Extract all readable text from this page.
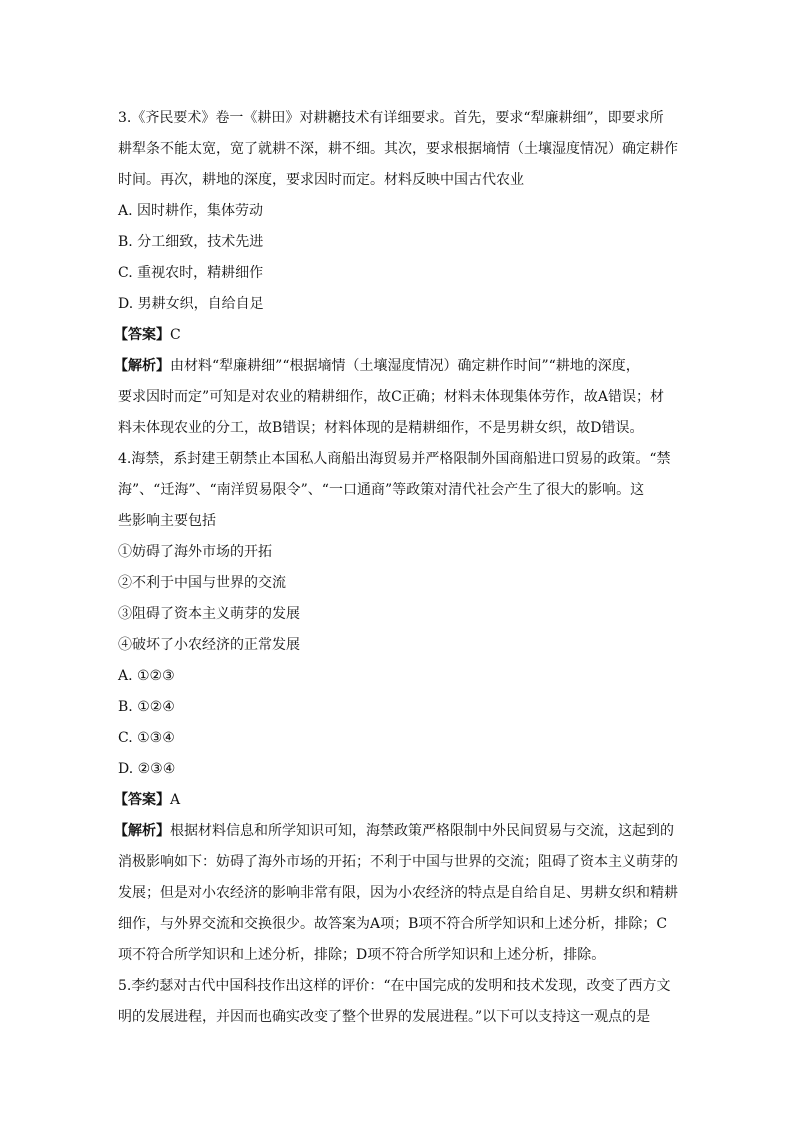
3.《齐民要术》卷一《耕田》对耕耱技术有详细要求。首先，要求“犁廉耕细”，即要求所
耕犁条不能太宽，宽了就耕不深，耕不细。其次，要求根据墒情（土壤湿度情况）确定耕作
时间。再次，耕地的深度，要求因时而定。材料反映中国古代农业
A. 因时耕作，集体劳动
B. 分工细致，技术先进
C. 重视农时，精耕细作
D. 男耕女织，自给自足
【答案】C
【解析】由材料“犁廉耕细”“根据墒情（土壤湿度情况）确定耕作时间”“耕地的深度，
要求因时而定”可知是对农业的精耕细作，故C正确；材料未体现集体劳作，故A错误；材
料未体现农业的分工，故B错误；材料体现的是精耕细作，不是男耕女织，故D错误。
4.海禁，系封建王朝禁止本国私人商船出海贸易并严格限制外国商船进口贸易的政策。“禁
海”、“迁海”、“南洋贸易限令”、“一口通商”等政策对清代社会产生了很大的影响。这
些影响主要包括
①妨碍了海外市场的开拓
②不利于中国与世界的交流
③阻碍了资本主义萌芽的发展
④破坏了小农经济的正常发展
A. ①②③
B. ①②④
C. ①③④
D. ②③④
【答案】A
【解析】根据材料信息和所学知识可知，海禁政策严格限制中外民间贸易与交流，这起到的
消极影响如下：妨碍了海外市场的开拓；不利于中国与世界的交流；阻碍了资本主义萌芽的
发展；但是对小农经济的影响非常有限，因为小农经济的特点是自给自足、男耕女织和精耕
细作，与外界交流和交换很少。故答案为A项；B项不符合所学知识和上述分析，排除；C
项不符合所学知识和上述分析，排除；D项不符合所学知识和上述分析，排除。
5.李约瑟对古代中国科技作出这样的评价：“在中国完成的发明和技术发现，改变了西方文
明的发展进程，并因而也确实改变了整个世界的发展进程。”以下可以支持这一观点的是
